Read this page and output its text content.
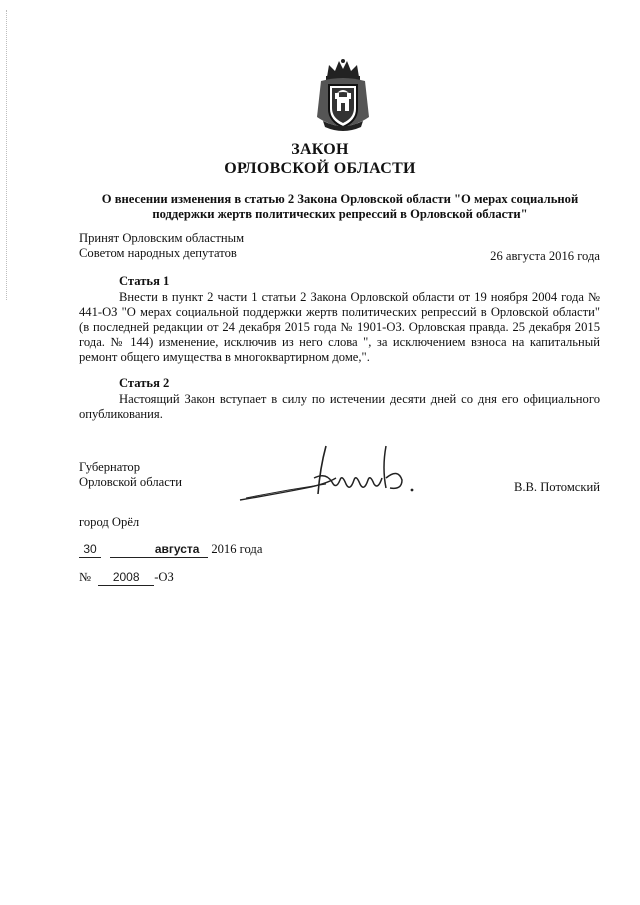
ЗАКОН
ОРЛОВСКОЙ ОБЛАСТИ
О внесении изменения в статью 2 Закона Орловской области "О мерах социальной
поддержки жертв политических репрессий в Орловской области"
Принят Орловским областным
Советом народных депутатов	26 августа 2016 года
Статья 1
Внести в пункт 2 части 1 статьи 2 Закона Орловской области от 19 ноября 2004 года № 441-ОЗ "О мерах социальной поддержки жертв политических репрессий в Орловской области" (в последней редакции от 24 декабря 2015 года № 1901-ОЗ. Орловская правда. 25 декабря 2015 года. № 144) изменение, исключив из него слова ", за исключением взноса на капитальный ремонт общего имущества в многоквартирном доме,".
Статья 2
Настоящий Закон вступает в силу по истечении десяти дней со дня его официального опубликования.
Губернатор
Орловской области	В.В. Потомский
город Орёл
30	августа 2016 года
№ 2008 -ОЗ
